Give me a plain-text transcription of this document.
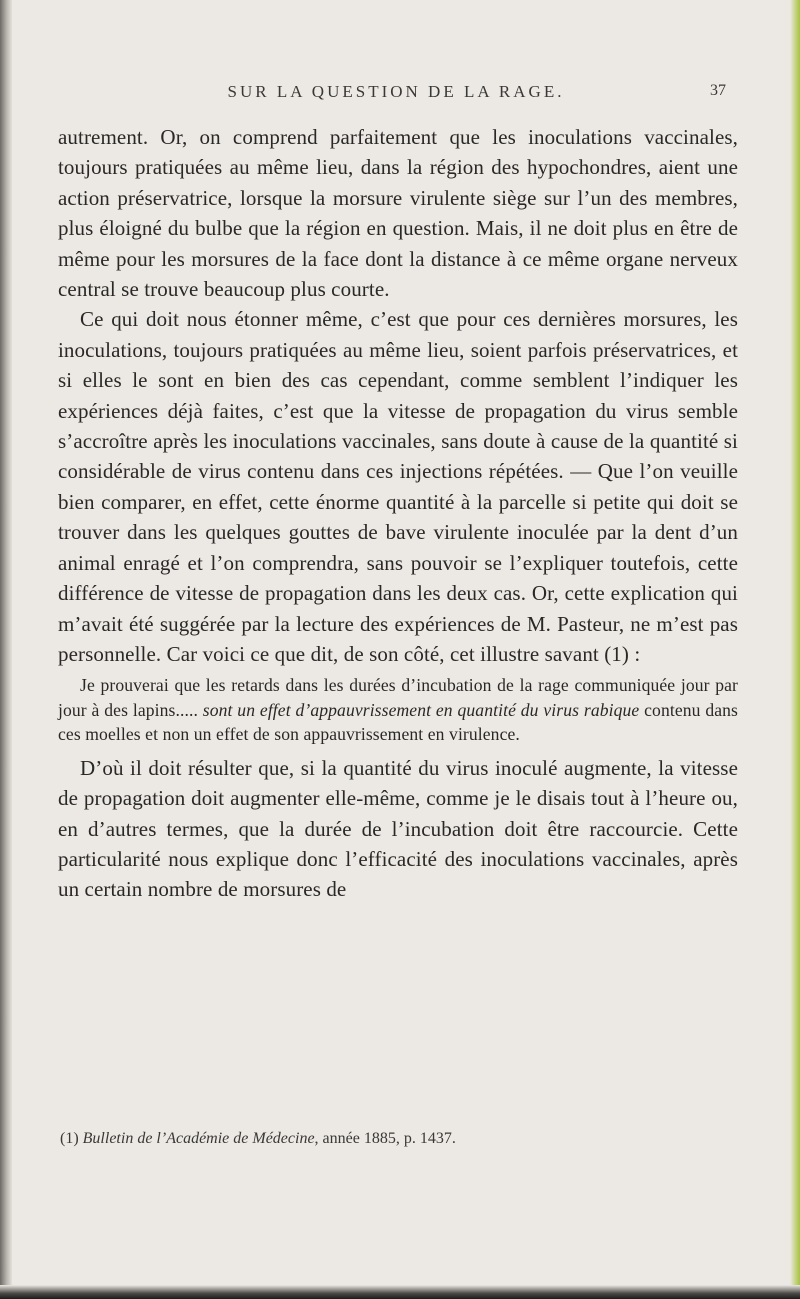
SUR LA QUESTION DE LA RAGE.	37

autrement. Or, on comprend parfaitement que les inoculations vaccinales, toujours pratiquées au même lieu, dans la région des hypochondres, aient une action préservatrice, lorsque la morsure virulente siège sur l’un des membres, plus éloigné du bulbe que la région en question. Mais, il ne doit plus en être de même pour les morsures de la face dont la distance à ce même organe nerveux central se trouve beaucoup plus courte.

Ce qui doit nous étonner même, c’est que pour ces dernières morsures, les inoculations, toujours pratiquées au même lieu, soient parfois préservatrices, et si elles le sont en bien des cas cependant, comme semblent l’indiquer les expériences déjà faites, c’est que la vitesse de propagation du virus semble s’accroître après les inoculations vaccinales, sans doute à cause de la quantité si considérable de virus contenu dans ces injections répétées. — Que l’on veuille bien comparer, en effet, cette énorme quantité à la parcelle si petite qui doit se trouver dans les quelques gouttes de bave virulente inoculée par la dent d’un animal enragé et l’on comprendra, sans pouvoir se l’expliquer toutefois, cette différence de vitesse de propagation dans les deux cas. Or, cette explication qui m’avait été suggérée par la lecture des expériences de M. Pasteur, ne m’est pas personnelle. Car voici ce que dit, de son côté, cet illustre savant (1) :

Je prouverai que les retards dans les durées d’incubation de la rage communiquée jour par jour à des lapins..... sont un effet d’appauvrissement en quantité du virus rabique contenu dans ces moelles et non un effet de son appauvrissement en virulence.

D’où il doit résulter que, si la quantité du virus inoculé augmente, la vitesse de propagation doit augmenter elle-même, comme je le disais tout à l’heure ou, en d’autres termes, que la durée de l’incubation doit être raccourcie. Cette particularité nous explique donc l’efficacité des inoculations vaccinales, après un certain nombre de morsures de

(1) Bulletin de l’Académie de Médecine, année 1885, p. 1437.
